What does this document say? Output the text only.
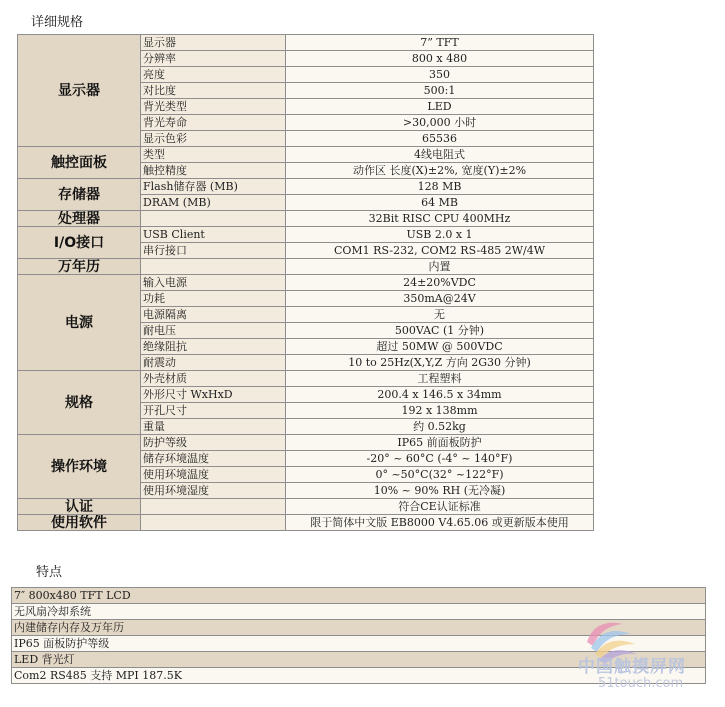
详细规格
显示器	显示器	7” TFT
	分辨率	800 x 480
	亮度	350
	对比度	500:1
	背光类型	LED
	背光寿命	>30,000 小时
	显示色彩	65536
触控面板	类型	4线电阻式
	触控精度	动作区 长度(X)±2%, 宽度(Y)±2%
存储器	Flash储存器 (MB)	128 MB
	DRAM (MB)	64 MB
处理器		32Bit RISC CPU 400MHz
I/O接口	USB Client	USB 2.0 x 1
	串行接口	COM1 RS-232, COM2 RS-485 2W/4W
万年历		内置
电源	输入电源	24±20%VDC
	功耗	350mA@24V
	电源隔离	无
	耐电压	500VAC (1 分钟)
	绝缘阻抗	超过 50MW @ 500VDC
	耐震动	10 to 25Hz(X,Y,Z 方向 2G30 分钟)
规格	外壳材质	工程塑料
	外形尺寸 WxHxD	200.4 x 146.5 x 34mm
	开孔尺寸	192 x 138mm
	重量	约 0.52kg
操作环境	防护等级	IP65 前面板防护
	储存环境温度	-20° ~ 60°C (-4° ~ 140°F)
	使用环境温度	0° ~50°C(32° ~122°F)
	使用环境湿度	10% ~ 90% RH (无冷凝)
认证		符合CE认证标准
使用软件		限于简体中文版 EB8000 V4.65.06 或更新版本使用
特点
7″ 800x480 TFT LCD
无风扇冷却系统
内建储存内存及万年历
IP65 面板防护等级
LED 背光灯
Com2 RS485 支持 MPI 187.5K	中国触摸屏网
51touch.com
